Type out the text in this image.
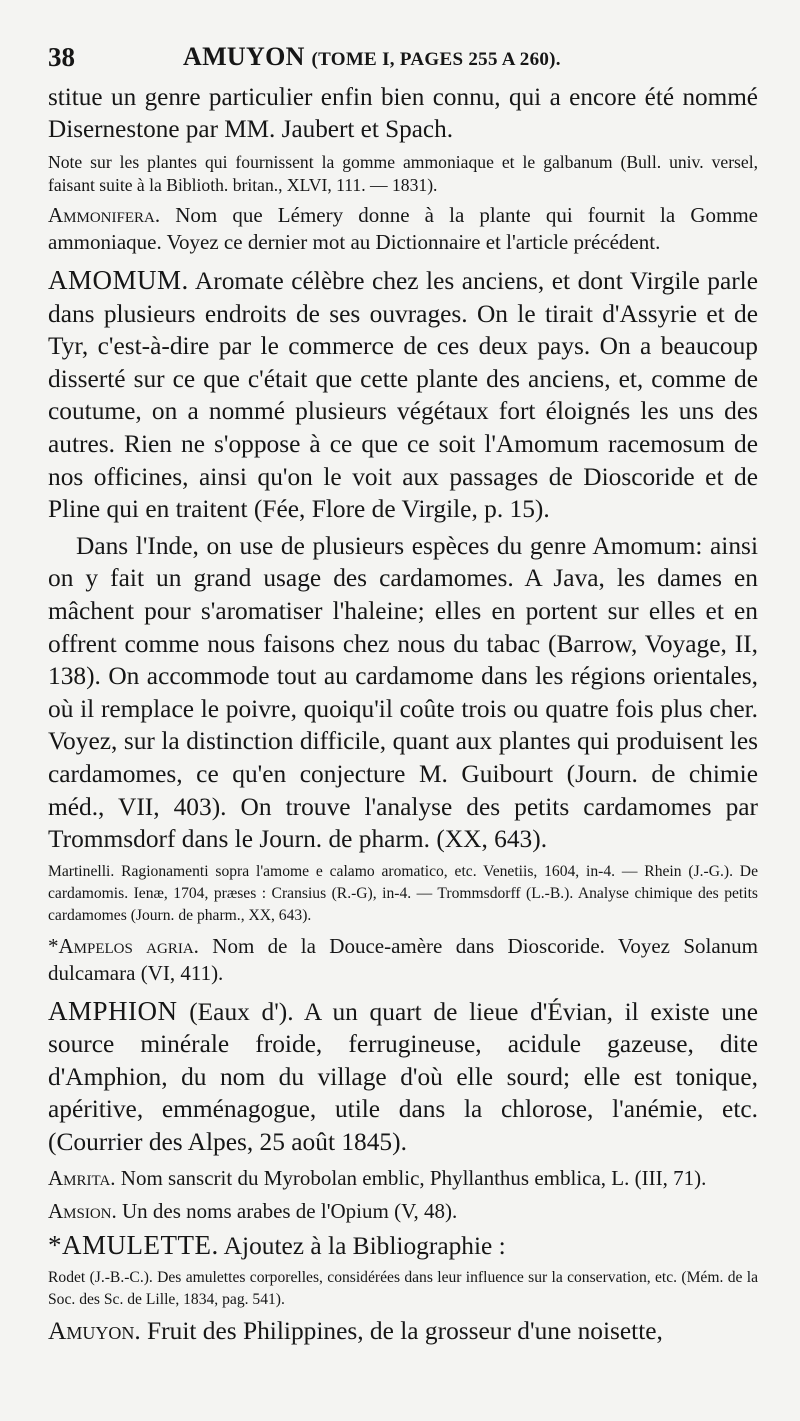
38	AMUYON (TOME I, PAGES 255 A 260).

stitue un genre particulier enfin bien connu, qui a encore été nommé Disernestone par MM. Jaubert et Spach.

Note sur les plantes qui fournissent la gomme ammoniaque et le galbanum (Bull. univ. versel, faisant suite à la Biblioth. britan., XLVI, 111. — 1831).

Ammonifera. Nom que Lémery donne à la plante qui fournit la Gomme ammoniaque. Voyez ce dernier mot au Dictionnaire et l'article précédent.

AMOMUM. Aromate célèbre chez les anciens, et dont Virgile parle dans plusieurs endroits de ses ouvrages. On le tirait d'Assyrie et de Tyr, c'est-à-dire par le commerce de ces deux pays. On a beaucoup disserté sur ce que c'était que cette plante des anciens, et, comme de coutume, on a nommé plusieurs végétaux fort éloignés les uns des autres. Rien ne s'oppose à ce que ce soit l'Amomum racemosum de nos officines, ainsi qu'on le voit aux passages de Dioscoride et de Pline qui en traitent (Fée, Flore de Virgile, p. 15).

Dans l'Inde, on use de plusieurs espèces du genre Amomum: ainsi on y fait un grand usage des cardamomes. A Java, les dames en mâchent pour s'aromatiser l'haleine; elles en portent sur elles et en offrent comme nous faisons chez nous du tabac (Barrow, Voyage, II, 138). On accommode tout au cardamome dans les régions orientales, où il remplace le poivre, quoiqu'il coûte trois ou quatre fois plus cher. Voyez, sur la distinction difficile, quant aux plantes qui produisent les cardamomes, ce qu'en conjecture M. Guibourt (Journ. de chimie méd., VII, 403). On trouve l'analyse des petits cardamomes par Trommsdorf dans le Journ. de pharm. (XX, 643).

Martinelli. Ragionamenti sopra l'amome e calamo aromatico, etc. Venetiis, 1604, in-4. — Rhein (J.-G.). De cardamomis. Ienæ, 1704, præses : Cransius (R.-G), in-4. — Trommsdorff (L.-B.). Analyse chimique des petits cardamomes (Journ. de pharm., XX, 643).

*Ampelos agria. Nom de la Douce-amère dans Dioscoride. Voyez Solanum dulcamara (VI, 411).

AMPHION (Eaux d'). A un quart de lieue d'Évian, il existe une source minérale froide, ferrugineuse, acidule gazeuse, dite d'Amphion, du nom du village d'où elle sourd; elle est tonique, apéritive, emménagogue, utile dans la chlorose, l'anémie, etc. (Courrier des Alpes, 25 août 1845).

Amrita. Nom sanscrit du Myrobolan emblic, Phyllanthus emblica, L. (III, 71).

Amsion. Un des noms arabes de l'Opium (V, 48).

*AMULETTE. Ajoutez à la Bibliographie :

Rodet (J.-B.-C.). Des amulettes corporelles, considérées dans leur influence sur la conservation, etc. (Mém. de la Soc. des Sc. de Lille, 1834, pag. 541).

Amuyon. Fruit des Philippines, de la grosseur d'une noisette,
